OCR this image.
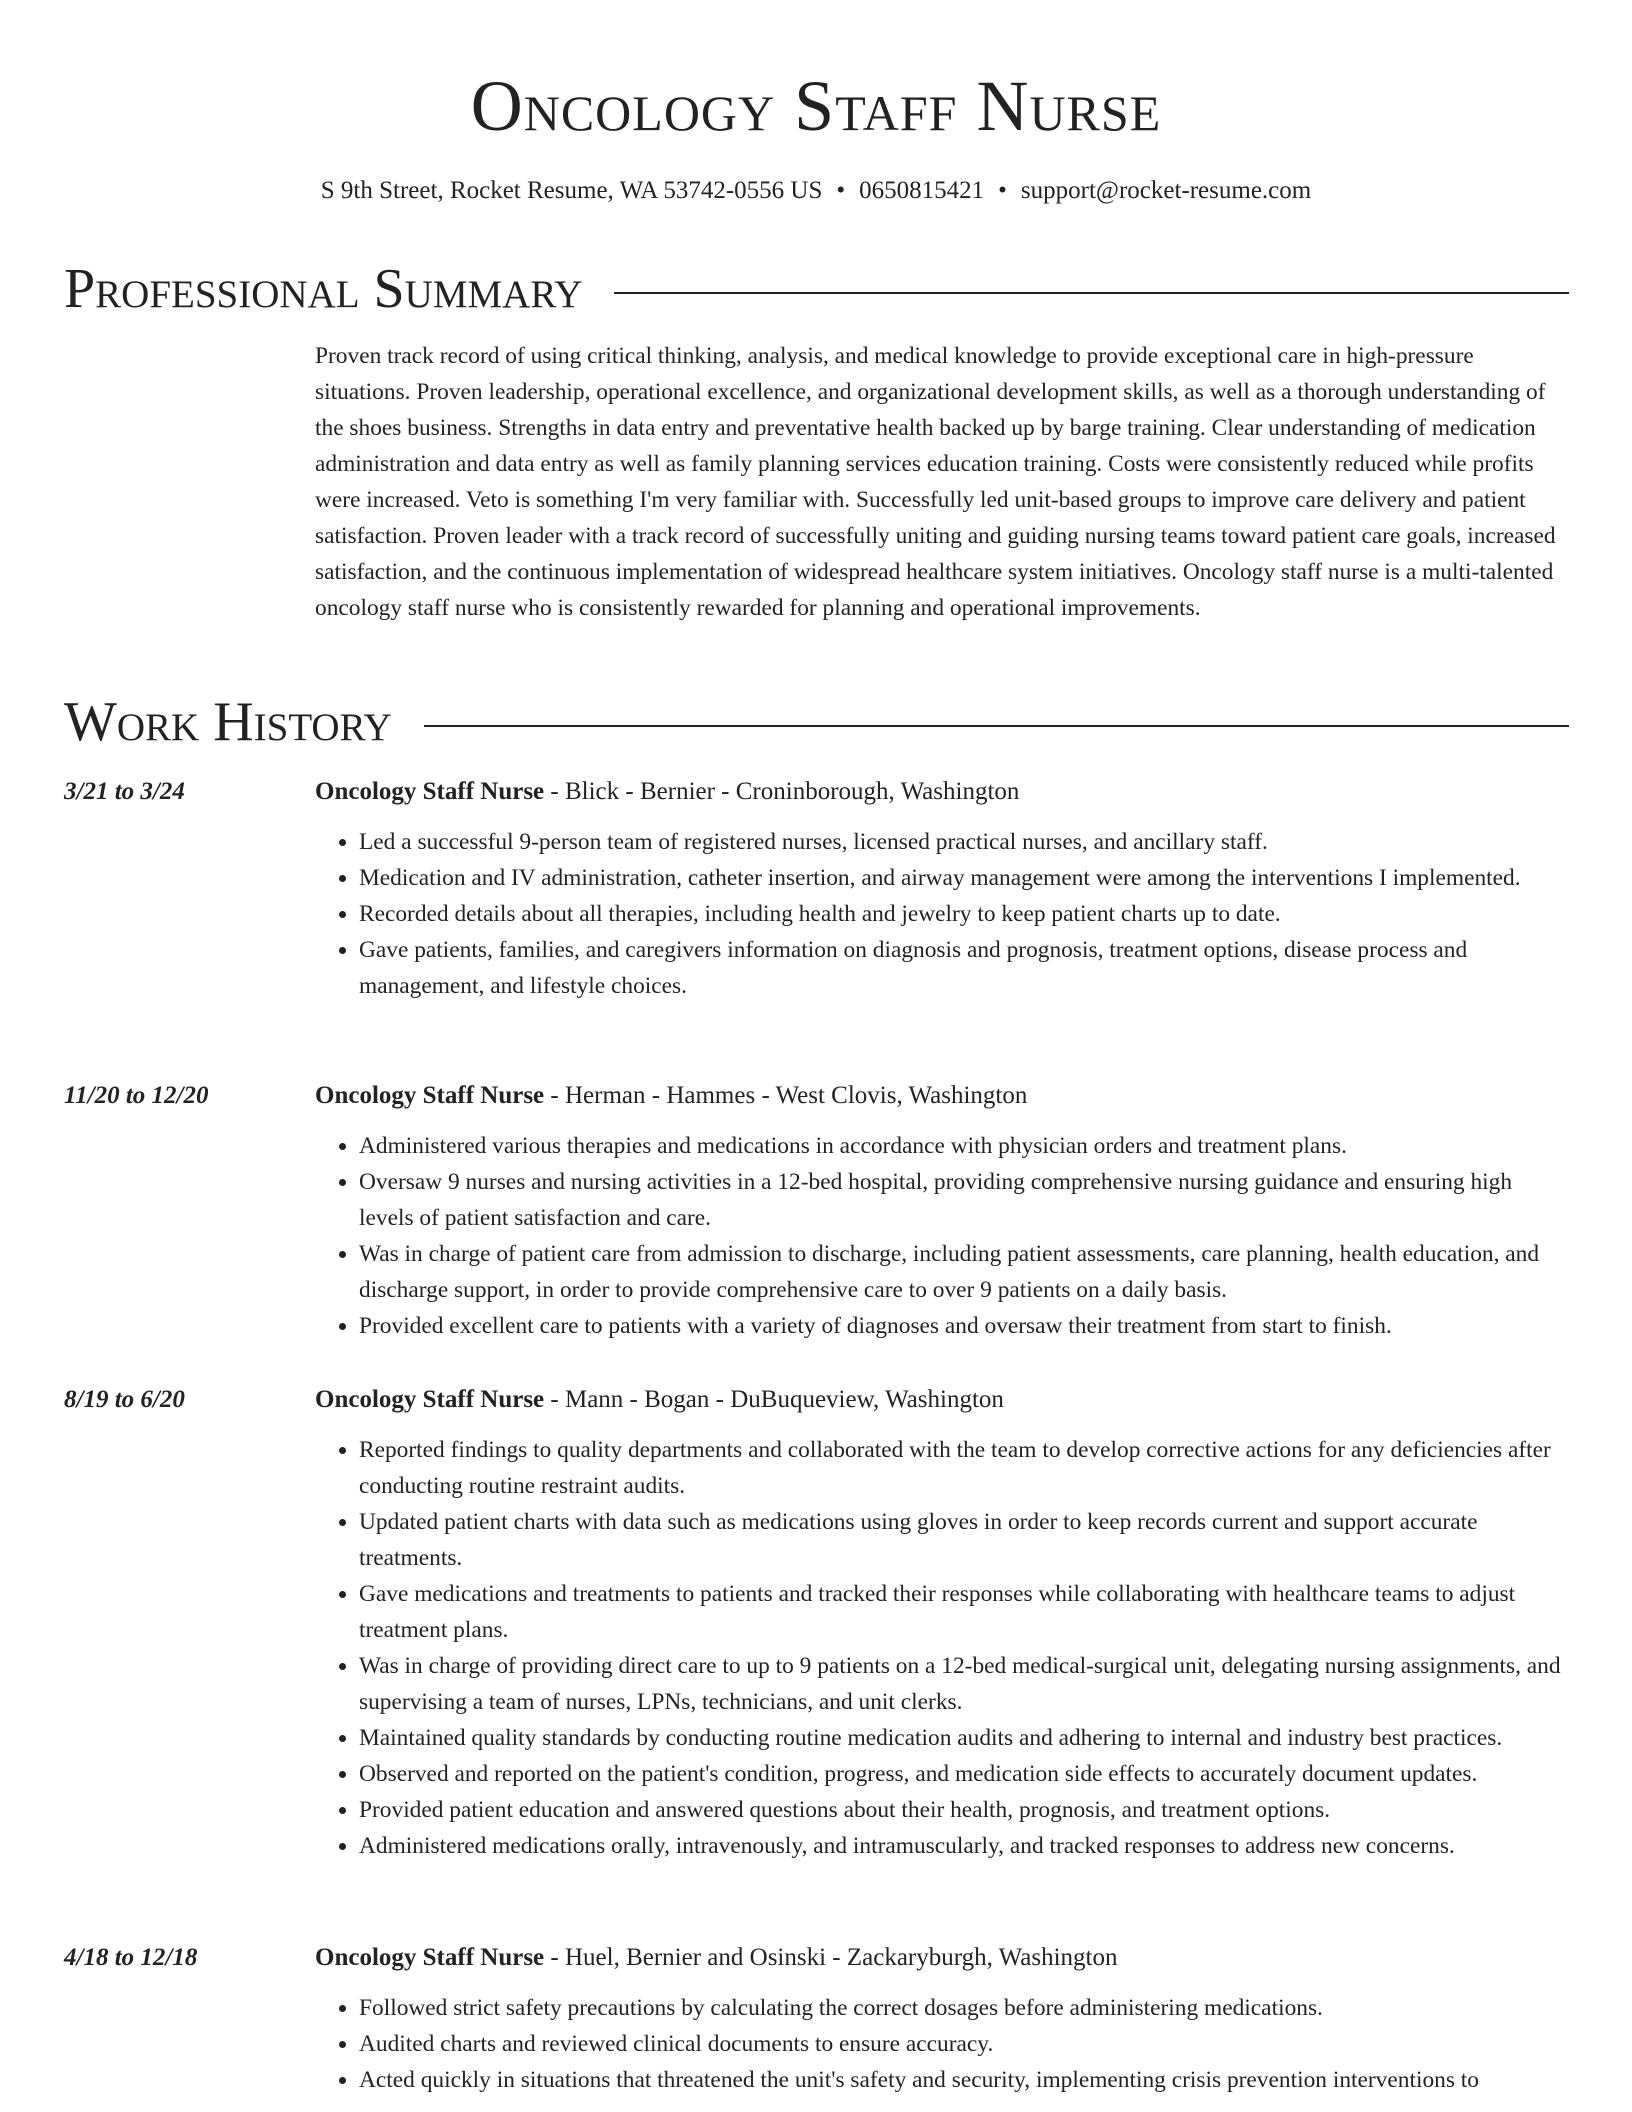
Oncology Staff Nurse
S 9th Street, Rocket Resume, WA 53742-0556 US • 0650815421 • support@rocket-resume.com
Professional Summary

Proven track record of using critical thinking, analysis, and medical knowledge to provide exceptional care in high-pressure situations. Proven leadership, operational excellence, and organizational development skills, as well as a thorough understanding of the shoes business. Strengths in data entry and preventative health backed up by barge training. Clear understanding of medication administration and data entry as well as family planning services education training. Costs were consistently reduced while profits were increased. Veto is something I'm very familiar with. Successfully led unit-based groups to improve care delivery and patient satisfaction. Proven leader with a track record of successfully uniting and guiding nursing teams toward patient care goals, increased satisfaction, and the continuous implementation of widespread healthcare system initiatives. Oncology staff nurse is a multi-talented oncology staff nurse who is consistently rewarded for planning and operational improvements.

Work History
3/21 to 3/24	Oncology Staff Nurse - Blick - Bernier - Croninborough, Washington
• Led a successful 9-person team of registered nurses, licensed practical nurses, and ancillary staff.
• Medication and IV administration, catheter insertion, and airway management were among the interventions I implemented.
• Recorded details about all therapies, including health and jewelry to keep patient charts up to date.
• Gave patients, families, and caregivers information on diagnosis and prognosis, treatment options, disease process and management, and lifestyle choices.
11/20 to 12/20	Oncology Staff Nurse - Herman - Hammes - West Clovis, Washington
• Administered various therapies and medications in accordance with physician orders and treatment plans.
• Oversaw 9 nurses and nursing activities in a 12-bed hospital, providing comprehensive nursing guidance and ensuring high levels of patient satisfaction and care.
• Was in charge of patient care from admission to discharge, including patient assessments, care planning, health education, and discharge support, in order to provide comprehensive care to over 9 patients on a daily basis.
• Provided excellent care to patients with a variety of diagnoses and oversaw their treatment from start to finish.
8/19 to 6/20	Oncology Staff Nurse - Mann - Bogan - DuBuqueview, Washington
• Reported findings to quality departments and collaborated with the team to develop corrective actions for any deficiencies after conducting routine restraint audits.
• Updated patient charts with data such as medications using gloves in order to keep records current and support accurate treatments.
• Gave medications and treatments to patients and tracked their responses while collaborating with healthcare teams to adjust treatment plans.
• Was in charge of providing direct care to up to 9 patients on a 12-bed medical-surgical unit, delegating nursing assignments, and supervising a team of nurses, LPNs, technicians, and unit clerks.
• Maintained quality standards by conducting routine medication audits and adhering to internal and industry best practices.
• Observed and reported on the patient's condition, progress, and medication side effects to accurately document updates.
• Provided patient education and answered questions about their health, prognosis, and treatment options.
• Administered medications orally, intravenously, and intramuscularly, and tracked responses to address new concerns.
4/18 to 12/18	Oncology Staff Nurse - Huel, Bernier and Osinski - Zackaryburgh, Washington
• Followed strict safety precautions by calculating the correct dosages before administering medications.
• Audited charts and reviewed clinical documents to ensure accuracy.
• Acted quickly in situations that threatened the unit's safety and security, implementing crisis prevention interventions to
